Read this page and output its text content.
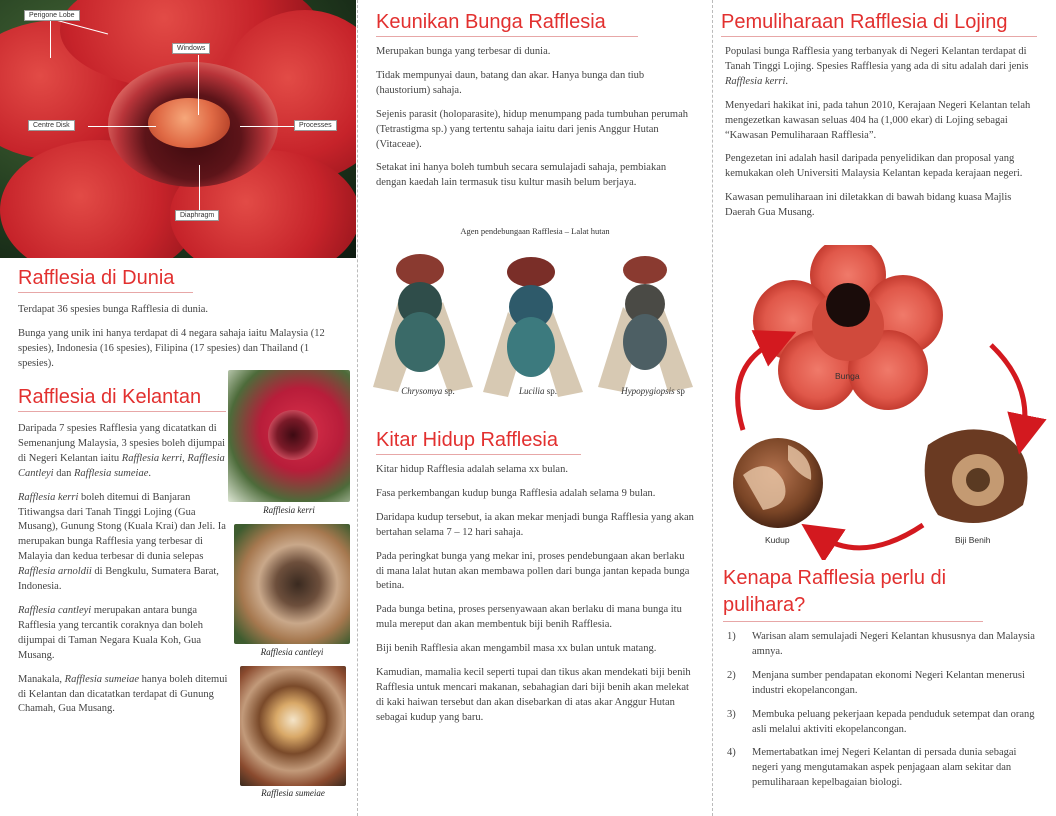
Perigone Lobe
Windows
Centre Disk	Processes
Diaphragm
Rafflesia di Dunia

Terdapat 36 spesies bunga Rafflesia di dunia.

Bunga yang unik ini hanya terdapat di 4 negara sahaja iaitu Malaysia (12 spesies), Indonesia (16 spesies), Filipina (17 spesies) dan Thailand (1 spesies).

Rafflesia di Kelantan

Daripada 7 spesies Rafflesia yang dicatatkan di Semenanjung Malaysia, 3 spesies boleh dijumpai di Negeri Kelantan iaitu Rafflesia kerri, Rafflesia Cantleyi dan Rafflesia sumeiae.

Rafflesia kerri boleh ditemui di Banjaran Titiwangsa dari Tanah Tinggi Lojing (Gua Musang), Gunung Stong (Kuala Krai) dan Jeli. Ia merupakan bunga Rafflesia yang terbesar di Malayia dan kedua terbesar di dunia selepas Rafflesia arnoldii di Bengkulu, Sumatera Barat, Indonesia.

Rafflesia cantleyi merupakan antara bunga Rafflesia yang tercantik coraknya dan boleh dijumpai di Taman Negara Kuala Koh, Gua Musang.

Manakala, Rafflesia sumeiae hanya boleh ditemui di Kelantan dan dicatatkan terdapat di Gunung Chamah, Gua Musang.

Rafflesia kerri
Rafflesia cantleyi
Rafflesia sumeiae
Keunikan Bunga Rafflesia

Merupakan bunga yang terbesar di dunia.

Tidak mempunyai daun, batang dan akar. Hanya bunga dan tiub (haustorium) sahaja.

Sejenis parasit (holoparasite), hidup menumpang pada tumbuhan perumah (Tetrastigma sp.) yang tertentu sahaja iaitu dari jenis Anggur Hutan (Vitaceae).

Setakat ini hanya boleh tumbuh secara semulajadi sahaja, pembiakan dengan kaedah lain termasuk tisu kultur masih belum berjaya.

Agen pendebungaan Rafflesia – Lalat hutan
Chrysomya sp.	Lucilia sp.	Hypopygiopsis sp
Kitar Hidup Rafflesia

Kitar hidup Rafflesia adalah selama xx bulan.

Fasa perkembangan kudup bunga Rafflesia adalah selama 9 bulan.

Daridapa kudup tersebut, ia akan mekar menjadi bunga Rafflesia yang akan bertahan selama 7 – 12 hari sahaja.

Pada peringkat bunga yang mekar ini, proses pendebungaan akan berlaku di mana lalat hutan akan membawa pollen dari bunga jantan kepada bunga betina.

Pada bunga betina, proses persenyawaan akan berlaku di mana bunga itu mula mereput dan akan membentuk biji benih Rafflesia.

Biji benih Rafflesia akan mengambil masa xx bulan untuk matang.

Kamudian, mamalia kecil seperti tupai dan tikus akan mendekati biji benih Rafflesia untuk mencari makanan, sebahagian dari biji benih akan melekat di kaki haiwan tersebut dan akan disebarkan di atas akar Anggur Hutan sebagai kudup yang baru.

Pemuliharaan Rafflesia di Lojing

Populasi bunga Rafflesia yang terbanyak di Negeri Kelantan terdapat di Tanah Tinggi Lojing. Spesies Rafflesia yang ada di situ adalah dari jenis Rafflesia kerri.

Menyedari hakikat ini, pada tahun 2010, Kerajaan Negeri Kelantan telah mengezetkan kawasan seluas 404 ha (1,000 ekar) di Lojing sebagai “Kawasan Pemuliharaan Rafflesia”.

Pengezetan ini adalah hasil daripada penyelidikan dan proposal yang kemukakan oleh Universiti Malaysia Kelantan kepada kerajaan negeri.

Kawasan pemuliharaan ini diletakkan di bawah bidang kuasa Majlis Daerah Gua Musang.

Bunga
Kudup	Biji Benih
Kenapa Rafflesia perlu di pulihara?
1) Warisan alam semulajadi Negeri Kelantan khususnya dan Malaysia amnya.
2) Menjana sumber pendapatan ekonomi Negeri Kelantan menerusi industri ekopelancongan.
3) Membuka peluang pekerjaan kepada penduduk setempat dan orang asli melalui aktiviti ekopelancongan.
4) Memertabatkan imej Negeri Kelantan di persada dunia sebagai negeri yang mengutamakan aspek penjagaan alam sekitar dan pemuliharaan kepelbagaian biologi.
